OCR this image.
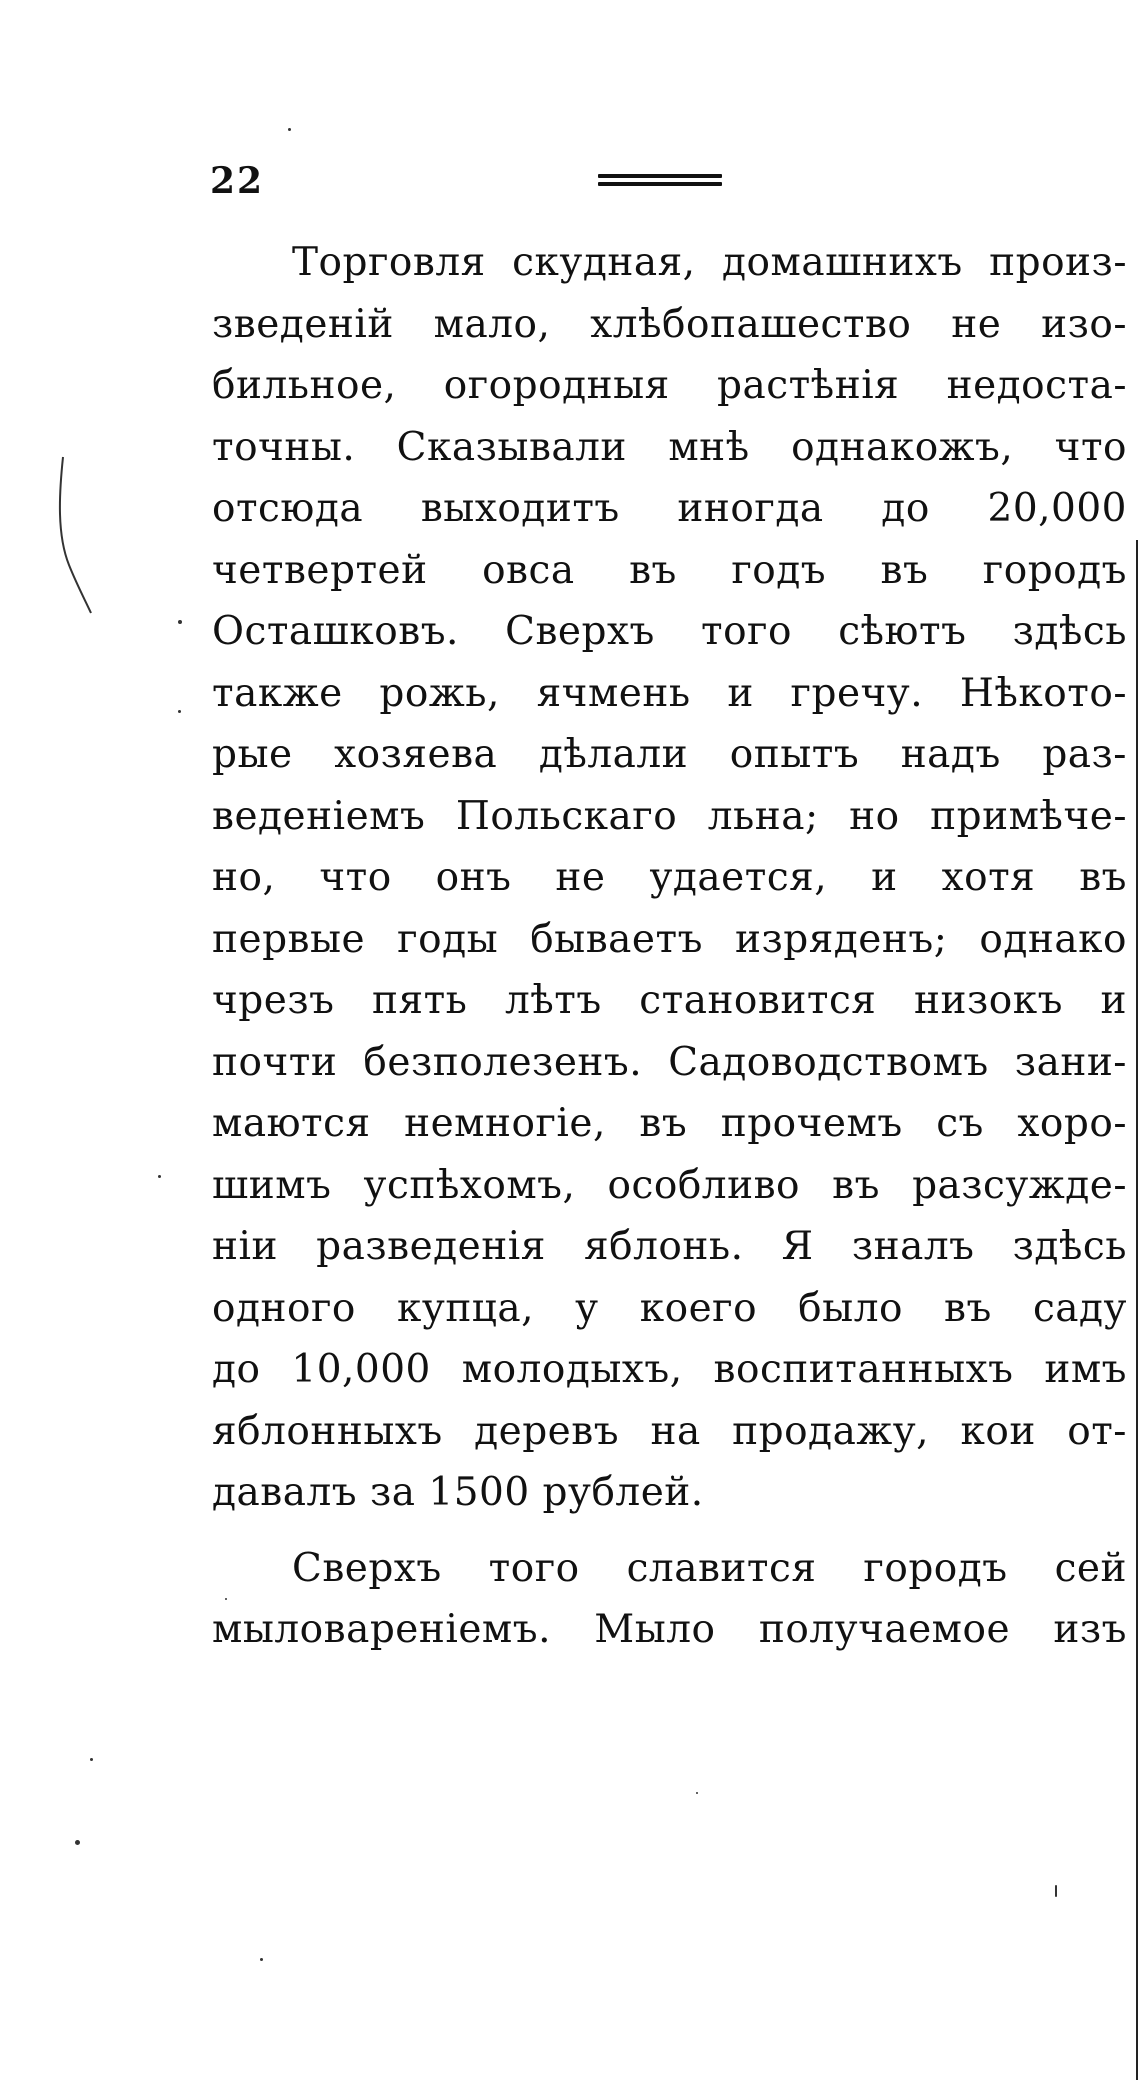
22
Торговля скудная, домашнихъ произ-
зведеній мало, хлѣбопашество не изо-
бильное, огородныя растѣнія недоста-
точны. Сказывали мнѣ однакожъ, что
отсюда выходитъ иногда до 20,000
четвертей овса въ годъ въ городъ
Осташковъ. Сверхъ того сѣютъ здѣсь
также рожь, ячмень и гречу. Нѣкото-
рые хозяева дѣлали опытъ надъ раз-
веденіемъ Польскаго льна; но примѣче-
но, что онъ не удается, и хотя въ
первые годы бываетъ изряденъ; однако
чрезъ пять лѣтъ становится низокъ и
почти безполезенъ. Садоводствомъ зани-
маются немногіе, въ прочемъ съ хоро-
шимъ успѣхомъ, особливо въ разсужде-
ніи разведенія яблонь. Я зналъ здѣсь
одного купца, у коего было въ саду
до 10,000 молодыхъ, воспитанныхъ имъ
яблонныхъ деревъ на продажу, кои от-
давалъ за 1500 рублей.
Сверхъ того славится городъ сей
мыловареніемъ. Мыло получаемое изъ
